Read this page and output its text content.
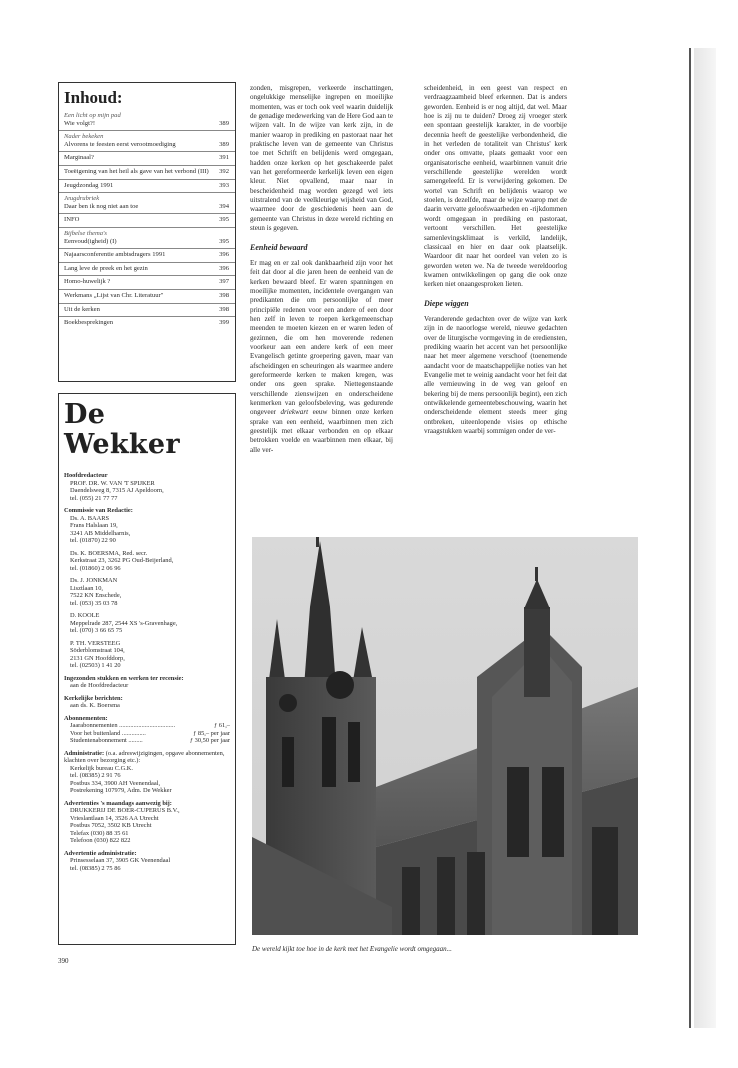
Inhoud:
Een licht op mijn pad
Wie volgt?!	389
Nader bekeken
Alvorens te feesten eerst verootmoediging	389
Marginaal?	391
Toeëigening van het heil als gave van het verbond (III) 392
Jeugdzondag 1991	393
Jeugdrubriek
Daar ben ik nog niet aan toe	394
INFO	395
Bijbelse thema's
Eenvoud(igheid) (I)	395
Najaarsconferentie ambtsdragers 1991	396
Lang leve de preek en het gezin	396
Homo-huwelijk ?	397
Werkmans „Lijst van Chr. Literatuur"	398
Uit de kerken	398
Boekbesprekingen	399
De Wekker
Hoofdredacteur
PROF. DR. W. VAN 'T SPIJKER
Daendelsweg 8, 7315 AJ Apeldoorn,
tel. (055) 21 77 77
Commissie van Redactie:
Ds. A. BAARS
Frans Halslaan 19,
3241 AB Middelharnis,
tel. (01870) 22 90
Ds. K. BOERSMA, Red. secr.
Kerkstraat 23, 3262 PG Oud-Beijerland,
tel. (01860) 2 06 96
Ds. J. JONKMAN
Lisztlaan 10,
7522 KN Enschede,
tel. (053) 35 03 78
D. KOOLE
Meppelrade 287, 2544 XS 's-Gravenhage,
tel. (070) 3 66 65 75
P. TH. VERSTEEG
Söderblomstraat 104,
2131 GN Hoofddorp,
tel. (02503) 1 41 20
Ingezonden stukken en werken ter recensie:
aan de Hoofdredacteur
Kerkelijke berichten:
aan ds. K. Boersma
Abonnementen:
Jaarabonnementen ...................................	ƒ 61,–
Voor het buitenland ...............	ƒ 85,– per jaar
Studentenabonnement .........	ƒ 30,50 per jaar
Administratie: (o.a. adreswijzigingen, opgave abonnementen, klachten over bezorging etc.):
Kerkelijk bureau C.G.K.
tel. (08385) 2 91 76
Postbus 334, 3900 AH Veenendaal,
Postrekening 107979, Adm. De Wekker
Advertenties 's maandags aanwezig bij:
DRUKKERIJ DE BOER-CUPERUS B.V.,
Vrieslantlaan 14, 3526 AA Utrecht
Postbus 7052, 3502 KB Utrecht
Telefax (030) 88 35 61
Telefoon (030) 822 822
Advertentie administratie:
Prinsesselaan 37, 3905 GK Veenendaal
tel. (08385) 2 75 86
390

zonden, misgrepen, verkeerde inschattingen, ongelukkige menselijke ingrepen en moeilijke momenten, was er toch ook veel waarin duidelijk de genadige medewerking van de Here God aan te wijzen valt. In de wijze van kerk zijn, in de manier waarop in prediking en pastoraat naar het praktische leven van de gemeente van Christus toe met Schrift en belijdenis werd omgegaan, hadden onze kerken op het geschakeerde palet van het gereformeerde kerkelijk leven een eigen kleur. Niet opvallend, maar naar in bescheidenheid mag worden gezegd wel iets uitstralend van de veelkleurige wijsheid van God, waarmee door de geschiedenis heen aan de gemeente van Christus in deze wereld richting en steun is gegeven.

Eenheid bewaard

Er mag en er zal ook dankbaarheid zijn voor het feit dat door al die jaren heen de eenheid van de kerken bewaard bleef. Er waren spanningen en moeilijke momenten, incidentele overgangen van predikanten die om persoonlijke of meer principiële redenen voor een andere of een door hen zelf in leven te roepen kerkgemeenschap meenden te moeten kiezen en er waren leden of gezinnen, die om hen moverende redenen voorkeur aan een andere kerk of een meer Evangelisch getinte groepering gaven, maar van afscheidingen en scheuringen als waarmee andere gereformeerde kerken te maken kregen, was onder ons geen sprake. Niettegenstaande verschillende zienswijzen en onderscheidene kenmerken van geloofsbeleving, was gedurende ongeveer driekwart eeuw binnen onze kerken sprake van een eenheid, waarbinnen men zich geestelijk met elkaar verbonden en op elkaar betrokken voelde en waarbinnen men elkaar, bij alle ver-

scheidenheid, in een geest van respect en verdraagzaamheid bleef erkennen. Dat is anders geworden. Eenheid is er nog altijd, dat wel. Maar hoe is zij nu te duiden? Droeg zij vroeger sterk een spontaan geestelijk karakter, in de voorbije decennia heeft de geestelijke verbondenheid, die in het verleden de totaliteit van Christus' kerk onder ons omvatte, plaats gemaakt voor een organisatorische eenheid, waarbinnen vanuit drie verschillende geestelijke werelden wordt samengeleefd. Er is verwijdering gekomen. De wortel van Schrift en belijdenis waarop we stoelen, is dezelfde, maar de wijze waarop met de daarin vervatte geloofswaarheden en -rijkdommen wordt omgegaan in prediking en pastoraat, vertoont verschillen. Het geestelijke samenlevingsklimaat is verkild, landelijk, classicaal en hier en daar ook plaatselijk. Waardoor dit naar het oordeel van velen zo is geworden weten we. Na de tweede wereldoorlog kwamen ontwikkelingen op gang die ook onze kerken niet onaangesproken lieten.

Diepe wiggen

Veranderende gedachten over de wijze van kerk zijn in de naoorlogse wereld, nieuwe gedachten over de liturgische vormgeving in de erediensten, prediking waarin het accent van het persoonlijke naar het meer algemene verschoof (toenemende aandacht voor de maatschappelijke noties van het Evangelie met te weinig aandacht voor het feit dat alle vernieuwing in de weg van geloof en bekering bij de mens persoonlijk begint), een zich ontwikkelende gemeentebeschouwing, waarin het onderscheidende element steeds meer ging ontbreken, uiteenlopende visies op ethische vraagstukken waarbij sommigen onder de ver-

De wereld kijkt toe hoe in de kerk met het Evangelie wordt omgegaan...
